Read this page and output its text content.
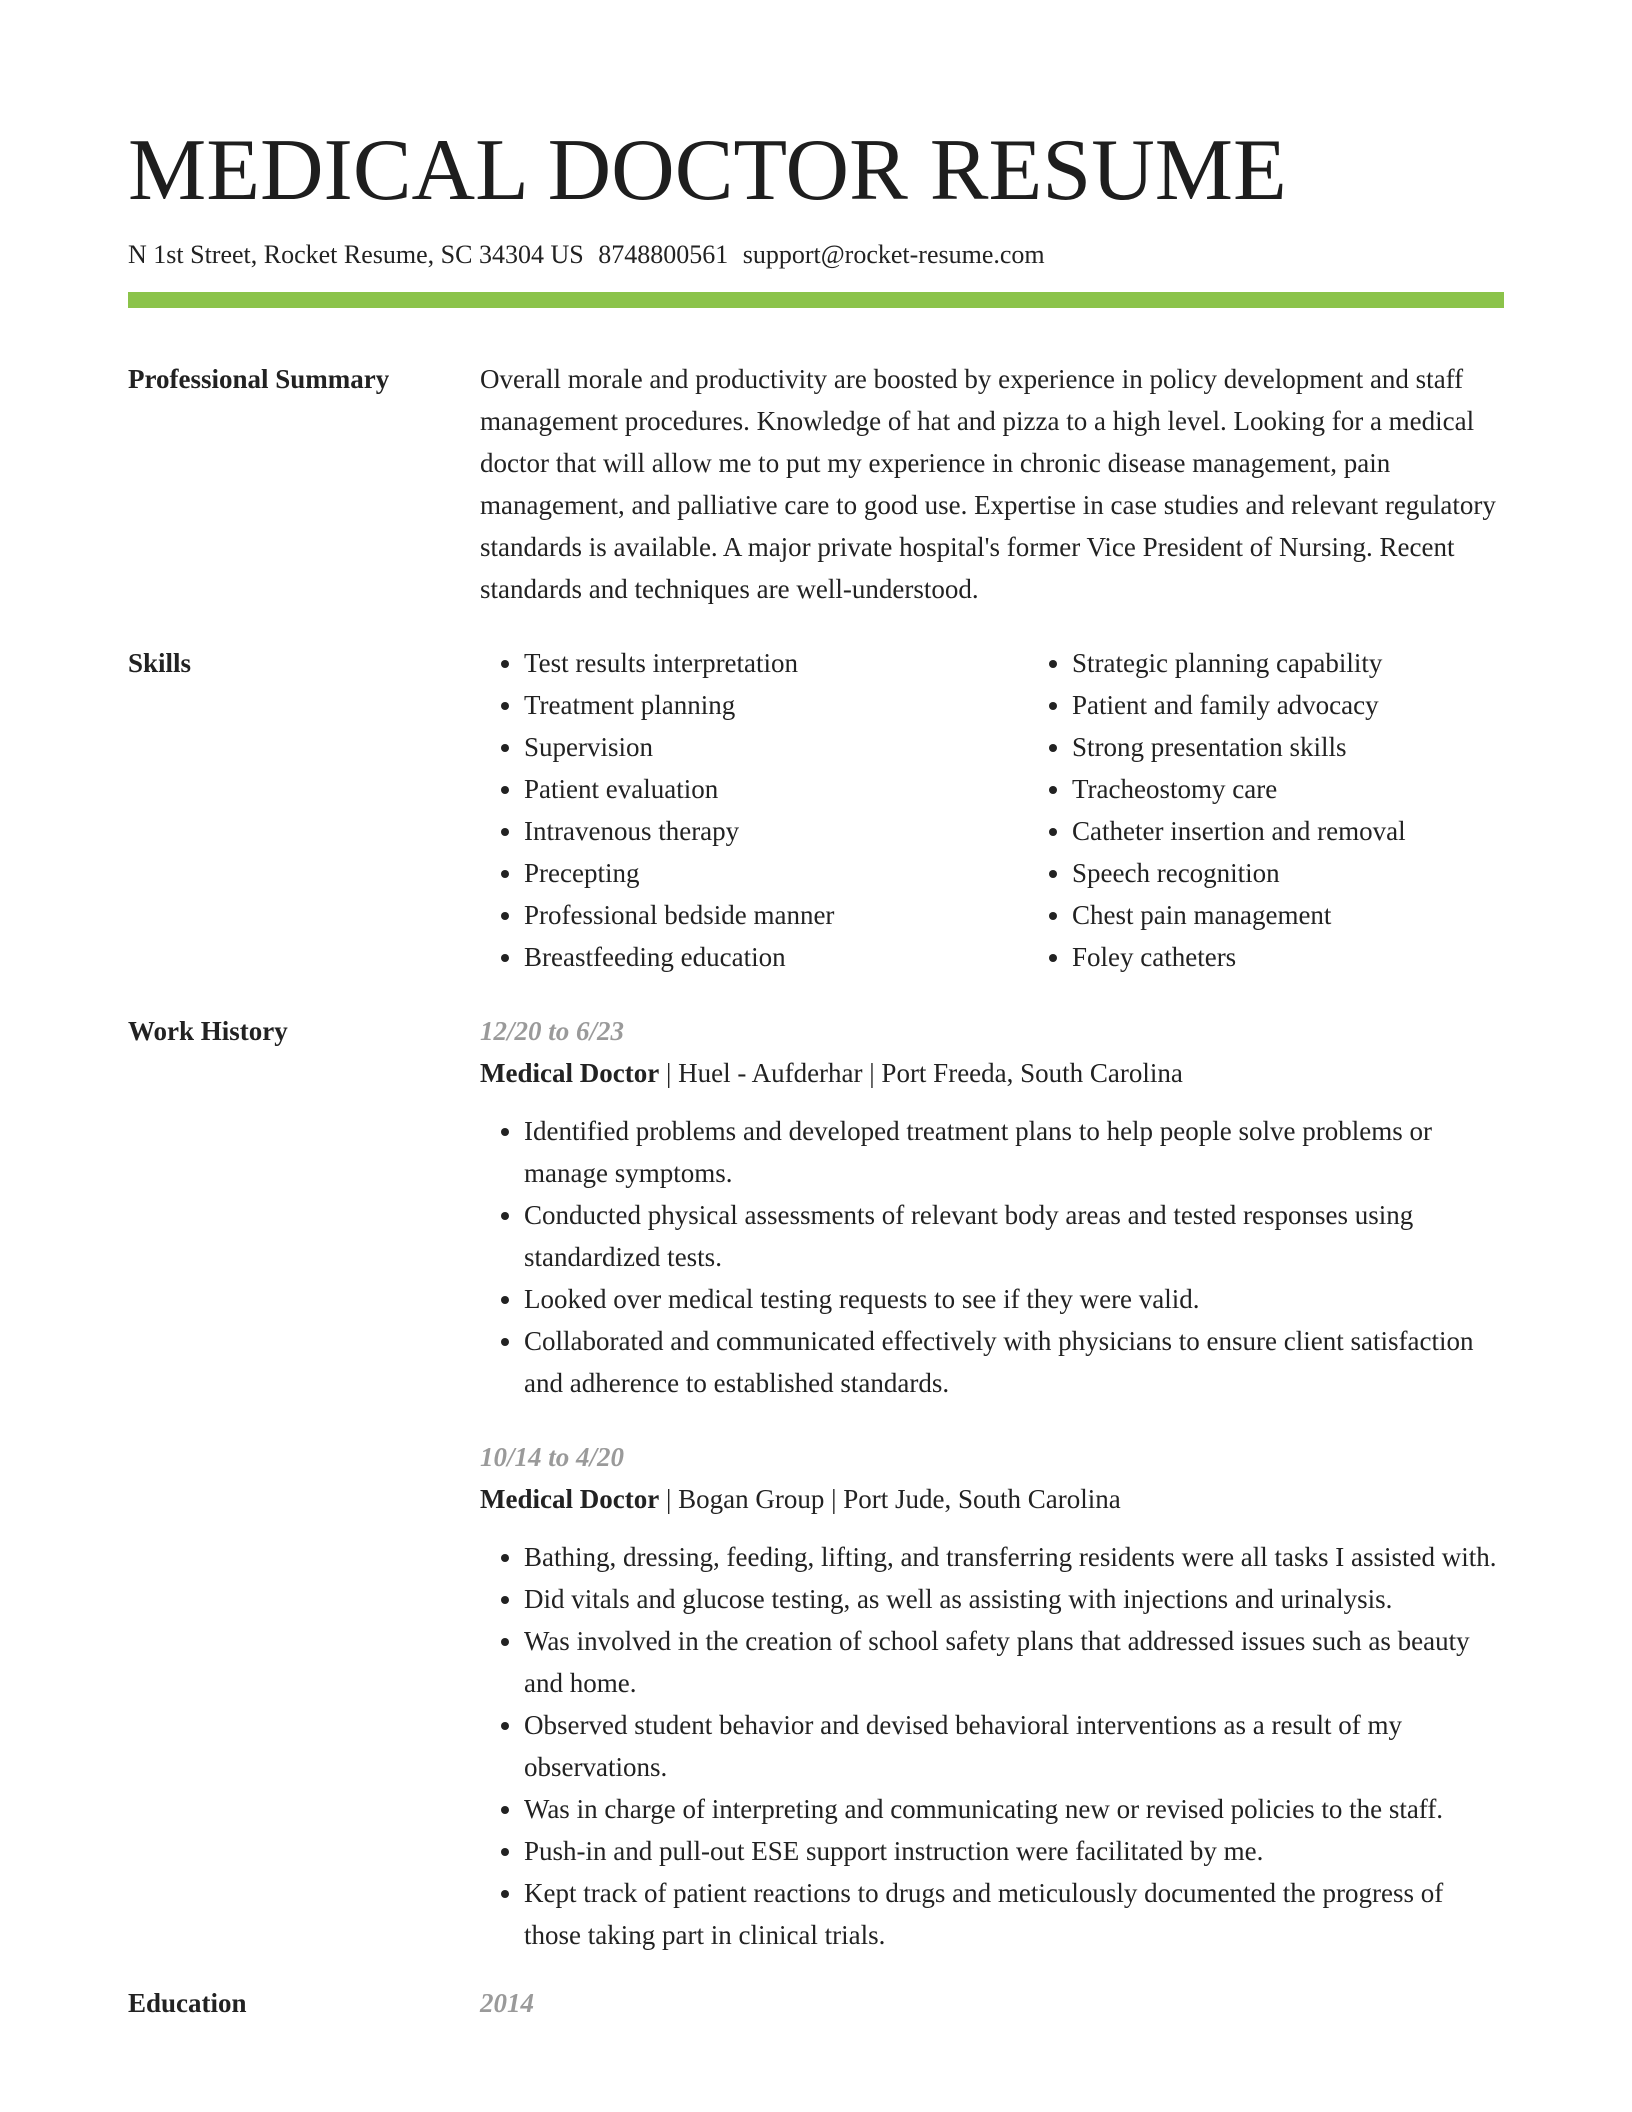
MEDICAL DOCTOR RESUME
N 1st Street, Rocket Resume, SC 34304 US 8748800561 support@rocket-resume.com
Professional Summary	Overall morale and productivity are boosted by experience in policy development and staff management procedures. Knowledge of hat and pizza to a high level. Looking for a medical doctor that will allow me to put my experience in chronic disease management, pain management, and palliative care to good use. Expertise in case studies and relevant regulatory standards is available. A major private hospital's former Vice President of Nursing. Recent standards and techniques are well-understood.
Skills
•	Test results interpretation
• Treatment planning
• Supervision
• Patient evaluation
• Intravenous therapy
• Precepting
• Professional bedside manner
• Breastfeeding education
• Strategic planning capability
• Patient and family advocacy
• Strong presentation skills
• Tracheostomy care
• Catheter insertion and removal
• Speech recognition
• Chest pain management
• Foley catheters
Work History	12/20 to 6/23
Medical Doctor | Huel - Aufderhar | Port Freeda, South Carolina
• Identified problems and developed treatment plans to help people solve problems or manage symptoms.
• Conducted physical assessments of relevant body areas and tested responses using standardized tests.
• Looked over medical testing requests to see if they were valid.
• Collaborated and communicated effectively with physicians to ensure client satisfaction and adherence to established standards.
10/14 to 4/20
Medical Doctor | Bogan Group | Port Jude, South Carolina
• Bathing, dressing, feeding, lifting, and transferring residents were all tasks I assisted with.
• Did vitals and glucose testing, as well as assisting with injections and urinalysis.
• Was involved in the creation of school safety plans that addressed issues such as beauty and home.
• Observed student behavior and devised behavioral interventions as a result of my observations.
• Was in charge of interpreting and communicating new or revised policies to the staff.
• Push-in and pull-out ESE support instruction were facilitated by me.
• Kept track of patient reactions to drugs and meticulously documented the progress of those taking part in clinical trials.
Education	2014
